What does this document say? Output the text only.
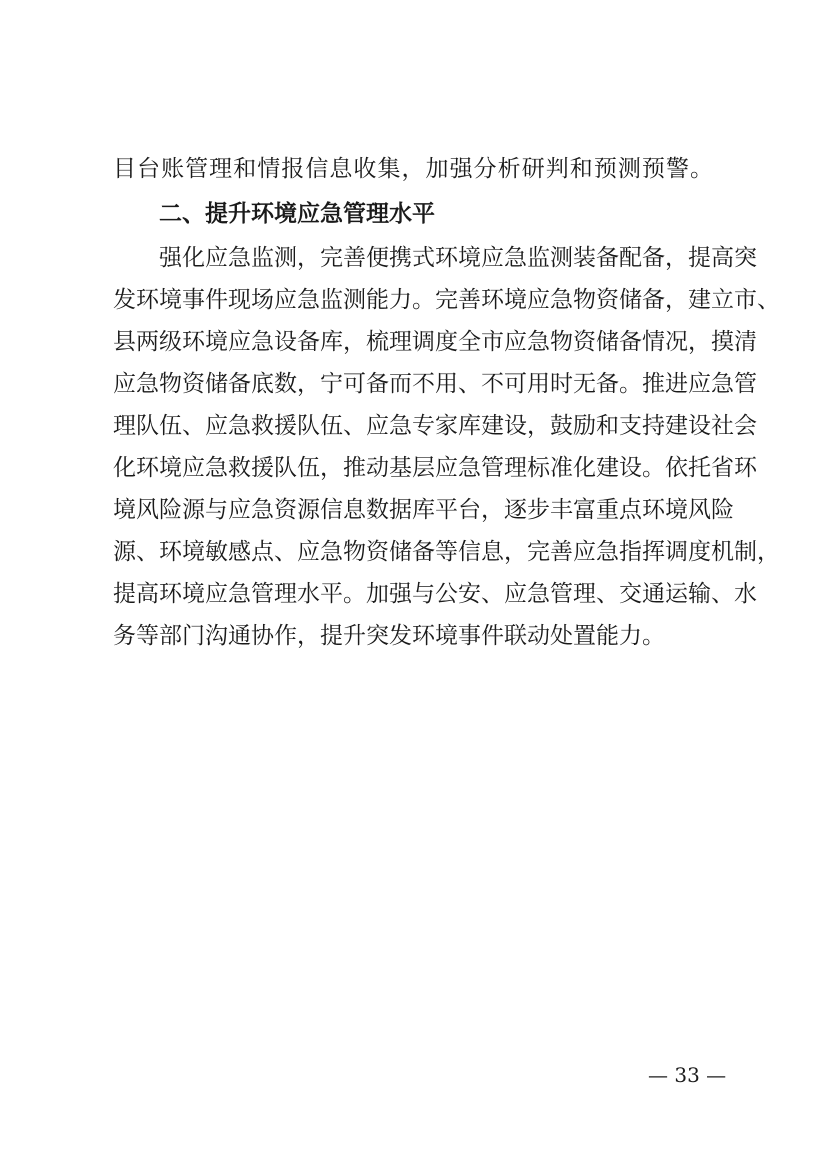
目台账管理和情报信息收集，加强分析研判和预测预警。
二、提升环境应急管理水平
强化应急监测，完善便携式环境应急监测装备配备，提高突
发环境事件现场应急监测能力。完善环境应急物资储备，建立市、
县两级环境应急设备库，梳理调度全市应急物资储备情况，摸清
应急物资储备底数，宁可备而不用、不可用时无备。推进应急管
理队伍、应急救援队伍、应急专家库建设，鼓励和支持建设社会
化环境应急救援队伍，推动基层应急管理标准化建设。依托省环
境风险源与应急资源信息数据库平台，逐步丰富重点环境风险
源、环境敏感点、应急物资储备等信息，完善应急指挥调度机制，
提高环境应急管理水平。加强与公安、应急管理、交通运输、水
务等部门沟通协作，提升突发环境事件联动处置能力。
— 33 —
